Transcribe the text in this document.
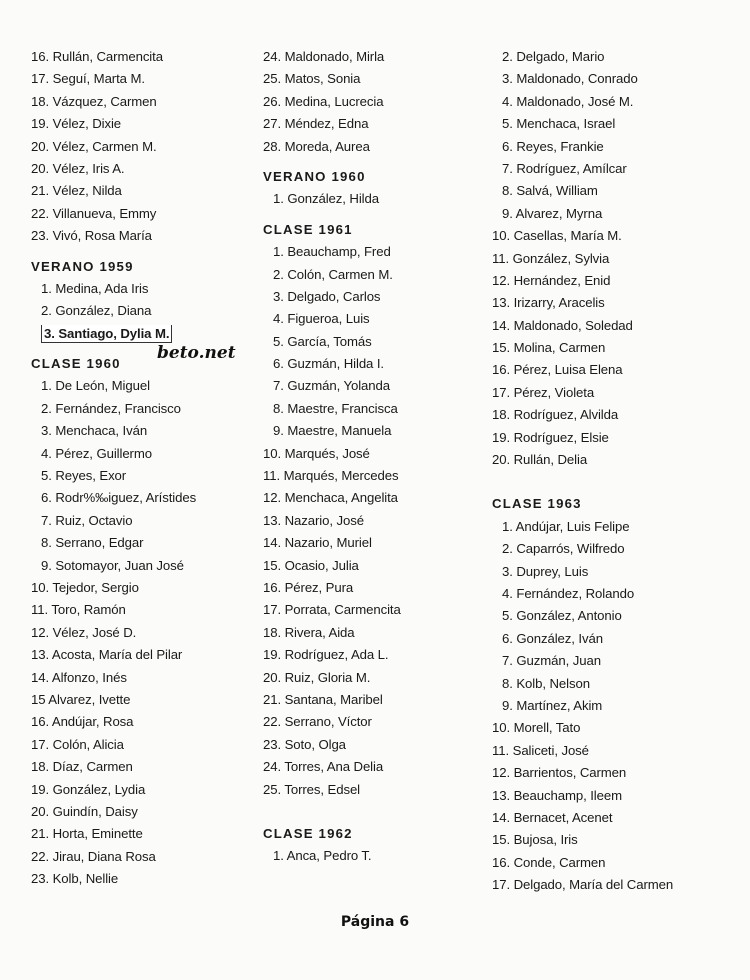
16. Rullán, Carmencita
17. Seguí, Marta M.
18. Vázquez, Carmen
19. Vélez, Dixie
20. Vélez, Carmen M.
20. Vélez, Iris A.
21. Vélez, Nilda
22. Villanueva, Emmy
23. Vivó, Rosa María
VERANO 1959
1. Medina, Ada Iris
2. González, Diana
3. Santiago, Dylia M.
CLASE 1960
1. De León, Miguel
2. Fernández, Francisco
3. Menchaca, Iván
4. Pérez, Guillermo
5. Reyes, Exor
6. Rodr%‰iguez, Arístides
7. Ruiz, Octavio
8. Serrano, Edgar
9. Sotomayor, Juan José
10. Tejedor, Sergio
11. Toro, Ramón
12. Vélez, José D.
13. Acosta, María del Pilar
14. Alfonzo, Inés
15 Alvarez, Ivette
16. Andújar, Rosa
17. Colón, Alicia
18. Díaz, Carmen
19. González, Lydia
20. Guindín, Daisy
21. Horta, Eminette
22. Jirau, Diana Rosa
23. Kolb, Nellie
24. Maldonado, Mirla
25. Matos, Sonia
26. Medina, Lucrecia
27. Méndez, Edna
28. Moreda, Aurea
VERANO 1960
1. González, Hilda
CLASE 1961
1. Beauchamp, Fred
2. Colón, Carmen M.
3. Delgado, Carlos
4. Figueroa, Luis
5. García, Tomás
6. Guzmán, Hilda I.
7. Guzmán, Yolanda
8. Maestre, Francisca
9. Maestre, Manuela
10. Marqués, José
11. Marqués, Mercedes
12. Menchaca, Angelita
13. Nazario, José
14. Nazario, Muriel
15. Ocasio, Julia
16. Pérez, Pura
17. Porrata, Carmencita
18. Rivera, Aida
19. Rodríguez, Ada L.
20. Ruiz, Gloria M.
21. Santana, Maribel
22. Serrano, Víctor
23. Soto, Olga
24. Torres, Ana Delia
25. Torres, Edsel
CLASE 1962
1. Anca, Pedro T.
2. Delgado, Mario
3. Maldonado, Conrado
4. Maldonado, José M.
5. Menchaca, Israel
6. Reyes, Frankie
7. Rodríguez, Amílcar
8. Salvá, William
9. Alvarez, Myrna
10. Casellas, María M.
11. González, Sylvia
12. Hernández, Enid
13. Irizarry, Aracelis
14. Maldonado, Soledad
15. Molina, Carmen
16. Pérez, Luisa Elena
17. Pérez, Violeta
18. Rodríguez, Alvilda
19. Rodríguez, Elsie
20. Rullán, Delia
CLASE 1963
1. Andújar, Luis Felipe
2. Caparrós, Wilfredo
3. Duprey, Luis
4. Fernández, Rolando
5. González, Antonio
6. González, Iván
7. Guzmán, Juan
8. Kolb, Nelson
9. Martínez, Akim
10. Morell, Tato
11. Saliceti, José
12. Barrientos, Carmen
13. Beauchamp, Ileem
14. Bernacet, Acenet
15. Bujosa, Iris
16. Conde, Carmen
17. Delgado, María del Carmen
beto.net
Página 6
